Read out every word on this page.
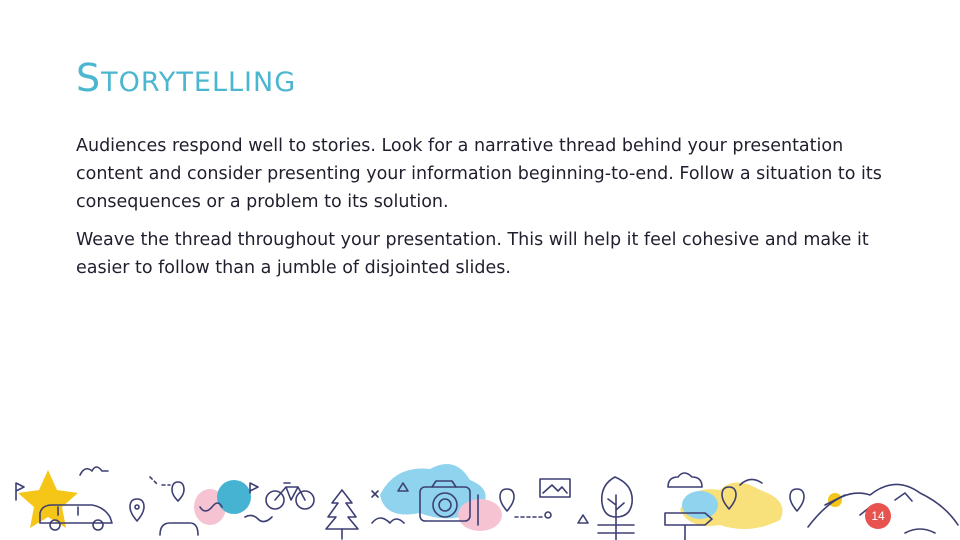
Storytelling

Audiences respond well to stories. Look for a narrative thread behind your presentation content and consider presenting your information beginning-to-end. Follow a situation to its consequences or a problem to its solution.

Weave the thread throughout your presentation. This will help it feel cohesive and make it easier to follow than a jumble of disjointed slides.

14
